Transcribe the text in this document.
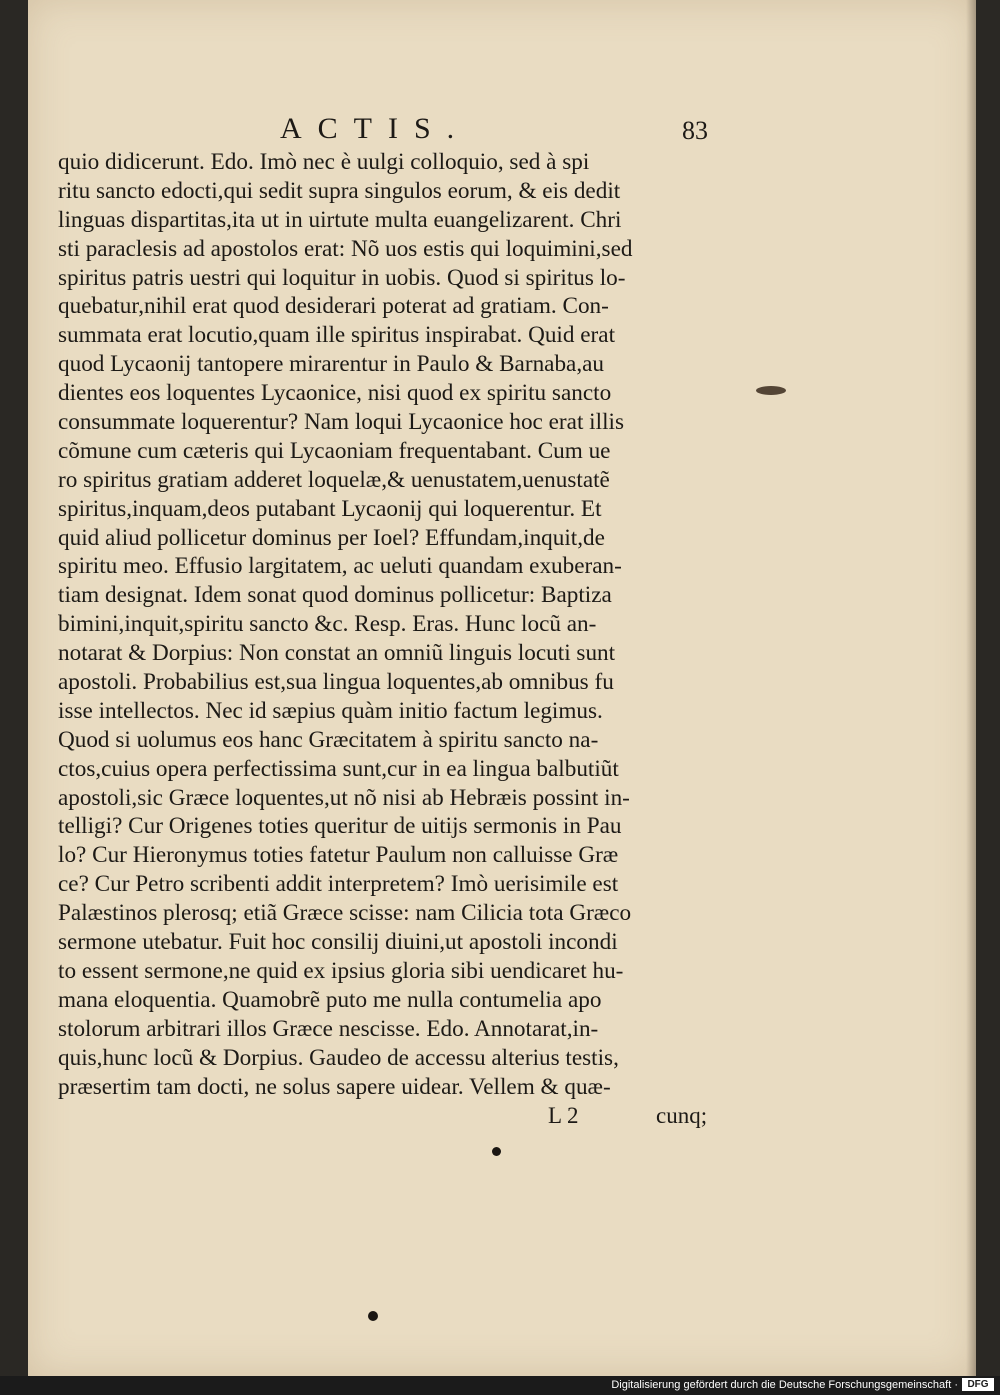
ACTIS.	83
quio didicerunt. Edo. Imò nec è uulgi colloquio, sed à spi
ritu sancto edocti,qui sedit supra singulos eorum, & eis dedit
linguas dispartitas,ita ut in uirtute multa euangelizarent. Chri
sti paraclesis ad apostolos erat: Nõ uos estis qui loquimini,sed
spiritus patris uestri qui loquitur in uobis. Quod si spiritus lo-
quebatur,nihil erat quod desiderari poterat ad gratiam. Con-
summata erat locutio,quam ille spiritus inspirabat. Quid erat
quod Lycaonij tantopere mirarentur in Paulo & Barnaba,au
dientes eos loquentes Lycaonice, nisi quod ex spiritu sancto
consummate loquerentur? Nam loqui Lycaonice hoc erat illis
cõmune cum cæteris qui Lycaoniam frequentabant. Cum ue
ro spiritus gratiam adderet loquelæ,& uenustatem,uenustatẽ
spiritus,inquam,deos putabant Lycaonij qui loquerentur. Et
quid aliud pollicetur dominus per Ioel? Effundam,inquit,de
spiritu meo. Effusio largitatem, ac ueluti quandam exuberan-
tiam designat. Idem sonat quod dominus pollicetur: Baptiza
bimini,inquit,spiritu sancto &c. Resp. Eras. Hunc locũ an-
notarat & Dorpius: Non constat an omniũ linguis locuti sunt
apostoli. Probabilius est,sua lingua loquentes,ab omnibus fu
isse intellectos. Nec id sæpius quàm initio factum legimus.
Quod si uolumus eos hanc Græcitatem à spiritu sancto na-
ctos,cuius opera perfectissima sunt,cur in ea lingua balbutiũt
apostoli,sic Græce loquentes,ut nõ nisi ab Hebræis possint in-
telligi? Cur Origenes toties queritur de uitijs sermonis in Pau
lo? Cur Hieronymus toties fatetur Paulum non calluisse Græ
ce? Cur Petro scribenti addit interpretem? Imò uerisimile est
Palæstinos plerosq; etiã Græce scisse: nam Cilicia tota Græco
sermone utebatur. Fuit hoc consilij diuini,ut apostoli incondi
to essent sermone,ne quid ex ipsius gloria sibi uendicaret hu-
mana eloquentia. Quamobrẽ puto me nulla contumelia apo
stolorum arbitrari illos Græce nescisse. Edo. Annotarat,in-
quis,hunc locũ & Dorpius. Gaudeo de accessu alterius testis,
præsertim tam docti, ne solus sapere uidear. Vellem & quæ-
L 2	cunq;
Digitalisierung gefördert durch die Deutsche Forschungsgemeinschaft · DFG
